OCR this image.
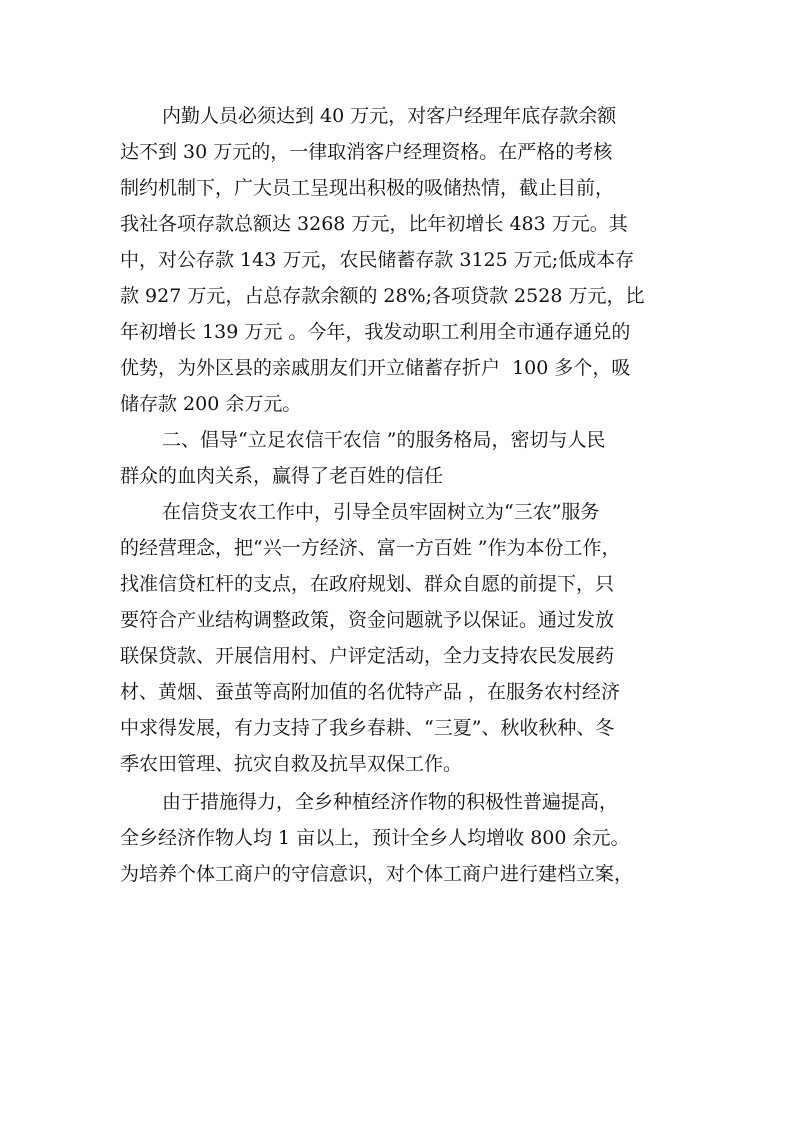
内勤人员必须达到 40 万元，对客户经理年底存款余额
达不到 30 万元的，一律取消客户经理资格。在严格的考核
制约机制下，广大员工呈现出积极的吸储热情，截止目前，
我社各项存款总额达 3268 万元，比年初增长 483 万元。其
中，对公存款 143 万元，农民储蓄存款 3125 万元;低成本存
款 927 万元，占总存款余额的 28%;各项贷款 2528 万元，比
年初增长 139 万元 。今年，我发动职工利用全市通存通兑的
优势，为外区县的亲戚朋友们开立储蓄存折户  100 多个，吸
储存款 200 余万元。
二、倡导“立足农信干农信 ”的服务格局，密切与人民
群众的血肉关系，赢得了老百姓的信任
在信贷支农工作中，引导全员牢固树立为“三农”服务
的经营理念，把“兴一方经济、富一方百姓 ”作为本份工作，
找准信贷杠杆的支点，在政府规划、群众自愿的前提下，只
要符合产业结构调整政策，资金问题就予以保证。通过发放
联保贷款、开展信用村、户评定活动，全力支持农民发展药
材、黄烟、蚕茧等高附加值的名优特产品 ，在服务农村经济
中求得发展，有力支持了我乡春耕、“三夏”、秋收秋种、冬
季农田管理、抗灾自救及抗旱双保工作。
由于措施得力，全乡种植经济作物的积极性普遍提高，
全乡经济作物人均 1 亩以上，预计全乡人均增收 800 余元。
为培养个体工商户的守信意识，对个体工商户进行建档立案，
